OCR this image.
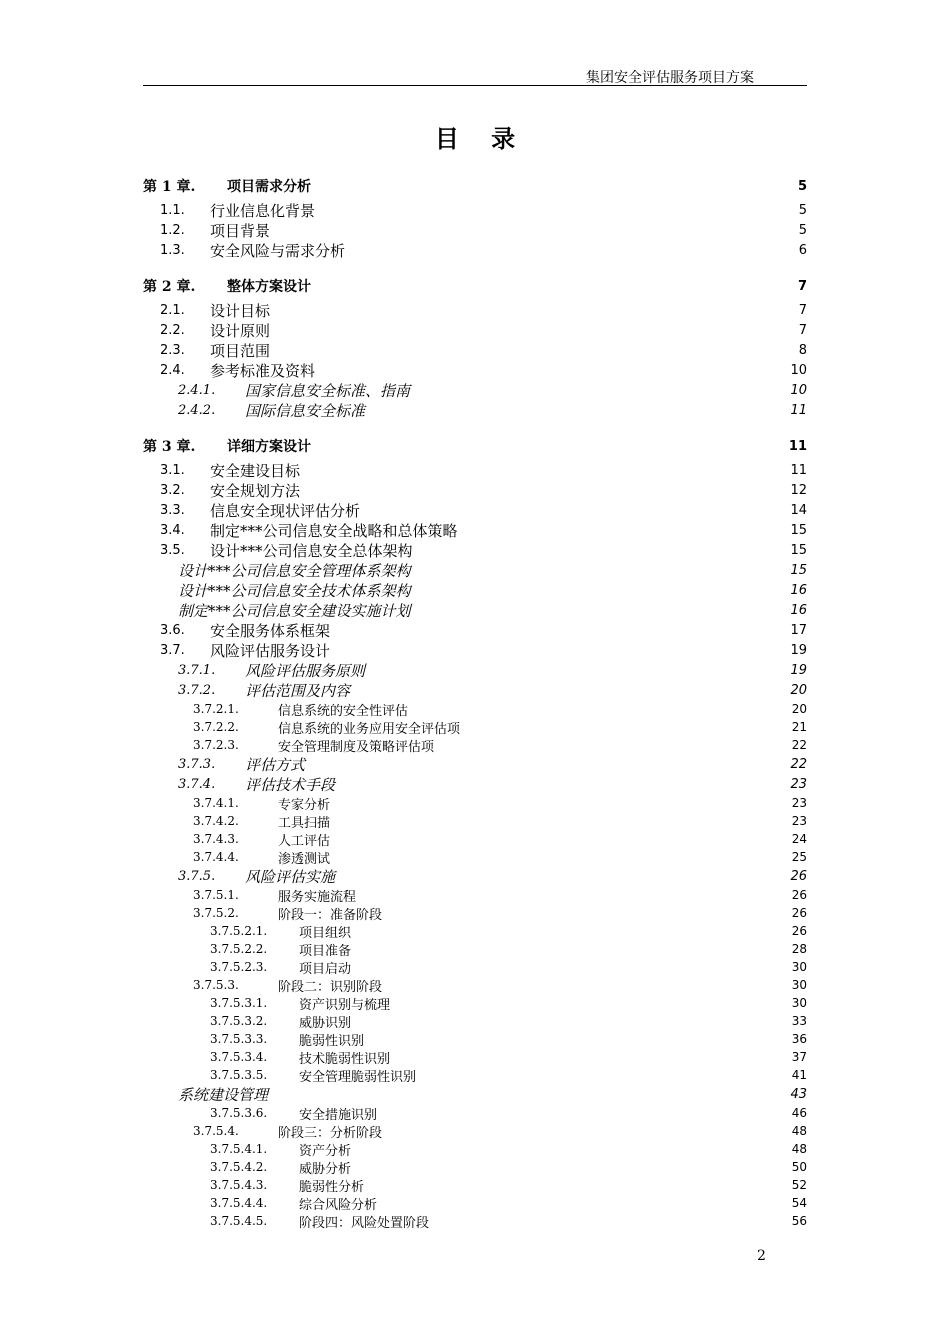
集团安全评估服务项目方案
目 录
第 1 章.	项目需求分析	5
1.1.	行业信息化背景	5
1.2.	项目背景	5
1.3.	安全风险与需求分析	6
第 2 章.	整体方案设计	7
2.1.	设计目标	7
2.2.	设计原则	7
2.3.	项目范围	8
2.4.	参考标准及资料	10
2.4.1.	国家信息安全标准、指南	10
2.4.2.	国际信息安全标准	11
第 3 章.	详细方案设计	11
3.1.	安全建设目标	11
3.2.	安全规划方法	12
3.3.	信息安全现状评估分析	14
3.4.	制定***公司信息安全战略和总体策略	15
3.5.	设计***公司信息安全总体架构	15
设计***公司信息安全管理体系架构	15
设计***公司信息安全技术体系架构	16
制定***公司信息安全建设实施计划	16
3.6.	安全服务体系框架	17
3.7.	风险评估服务设计	19
3.7.1.	风险评估服务原则	19
3.7.2.	评估范围及内容	20
3.7.2.1.	信息系统的安全性评估	20
3.7.2.2.	信息系统的业务应用安全评估项	21
3.7.2.3.	安全管理制度及策略评估项	22
3.7.3.	评估方式	22
3.7.4.	评估技术手段	23
3.7.4.1.	专家分析	23
3.7.4.2.	工具扫描	23
3.7.4.3.	人工评估	24
3.7.4.4.	渗透测试	25
3.7.5.	风险评估实施	26
3.7.5.1.	服务实施流程	26
3.7.5.2.	阶段一：准备阶段	26
3.7.5.2.1.	项目组织	26
3.7.5.2.2.	项目准备	28
3.7.5.2.3.	项目启动	30
3.7.5.3.	阶段二：识别阶段	30
3.7.5.3.1.	资产识别与梳理	30
3.7.5.3.2.	威胁识别	33
3.7.5.3.3.	脆弱性识别	36
3.7.5.3.4.	技术脆弱性识别	37
3.7.5.3.5.	安全管理脆弱性识别	41
系统建设管理	43
3.7.5.3.6.	安全措施识别	46
3.7.5.4.	阶段三：分析阶段	48
3.7.5.4.1.	资产分析	48
3.7.5.4.2.	威胁分析	50
3.7.5.4.3.	脆弱性分析	52
3.7.5.4.4.	综合风险分析	54
3.7.5.4.5.	阶段四：风险处置阶段	56
2
